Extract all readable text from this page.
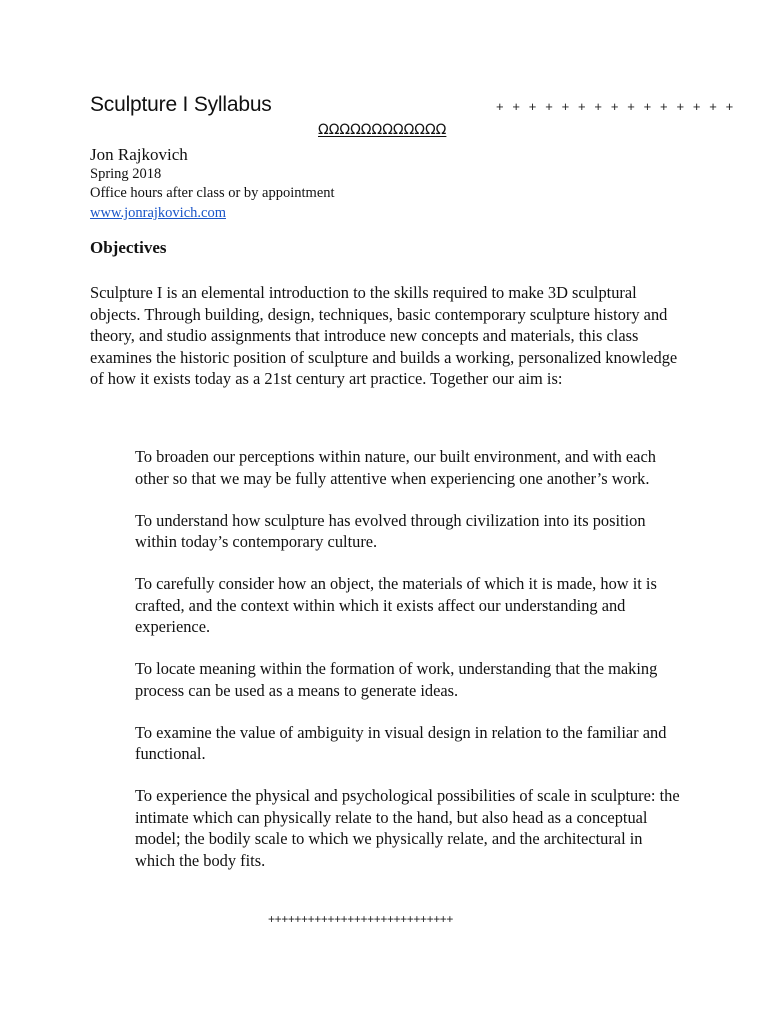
Sculpture I Syllabus	+ + + + + + + + + + + + + + +
ΩΩΩΩΩΩΩΩΩΩΩΩ
Jon Rajkovich
Spring 2018
Office hours after class or by appointment
www.jonrajkovich.com
Objectives

Sculpture I is an elemental introduction to the skills required to make 3D sculptural objects. Through building, design, techniques, basic contemporary sculpture history and theory, and studio assignments that introduce new concepts and materials, this class examines the historic position of sculpture and builds a working, personalized knowledge of how it exists today as a 21st century art practice. Together our aim is:

To broaden our perceptions within nature, our built environment, and with each other so that we may be fully attentive when experiencing one another’s work.
To understand how sculpture has evolved through civilization into its position within today’s contemporary culture.
To carefully consider how an object, the materials of which it is made, how it is crafted, and the context within which it exists affect our understanding and experience.
To locate meaning within the formation of work, understanding that the making process can be used as a means to generate ideas.
To examine the value of ambiguity in visual design in relation to the familiar and functional.
To experience the physical and psychological possibilities of scale in sculpture: the intimate which can physically relate to the hand, but also head as a conceptual model; the bodily scale to which we physically relate, and the architectural in which the body fits.
++++++++++++++++++++++++++++
